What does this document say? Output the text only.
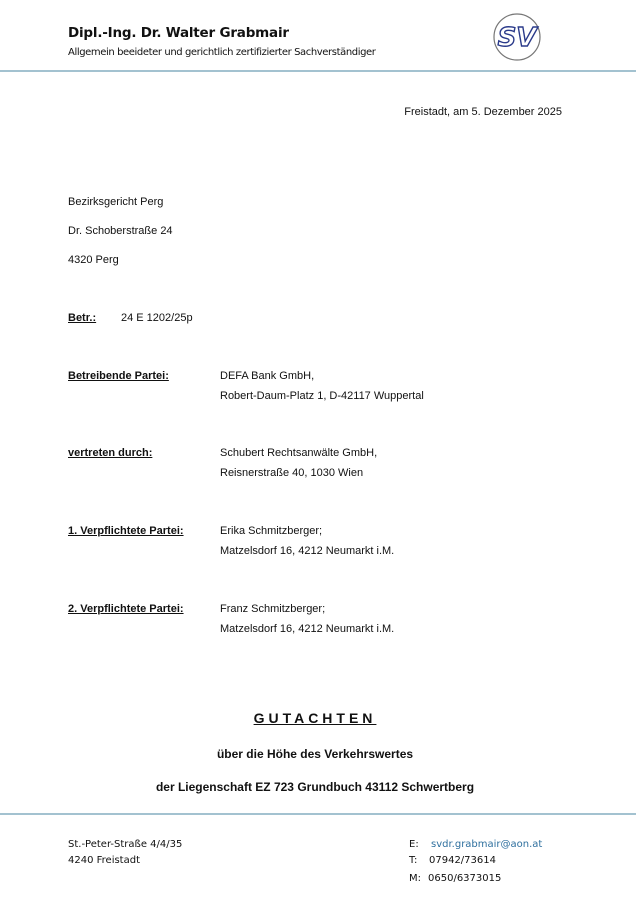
Dipl.-Ing. Dr. Walter Grabmair
Allgemein beeideter und gerichtlich zertifizierter Sachverständiger	SV
Freistadt, am 5. Dezember 2025
Bezirksgericht Perg
Dr. Schoberstraße 24
4320 Perg
Betr.: 24 E 1202/25p
Betreibende Partei:	DEFA Bank GmbH,
Robert-Daum-Platz 1, D-42117 Wuppertal
vertreten durch:	Schubert Rechtsanwälte GmbH,
Reisnerstraße 40, 1030 Wien
1. Verpflichtete Partei:	Erika Schmitzberger;
Matzelsdorf 16, 4212 Neumarkt i.M.
2. Verpflichtete Partei:	Franz Schmitzberger;
Matzelsdorf 16, 4212 Neumarkt i.M.
GUTACHTEN
über die Höhe des Verkehrswertes
der Liegenschaft EZ 723 Grundbuch 43112 Schwertberg
St.-Peter-Straße 4/4/35
4240 Freistadt
E: svdr.grabmair@aon.at
T: 07942/73614
M: 0650/6373015
